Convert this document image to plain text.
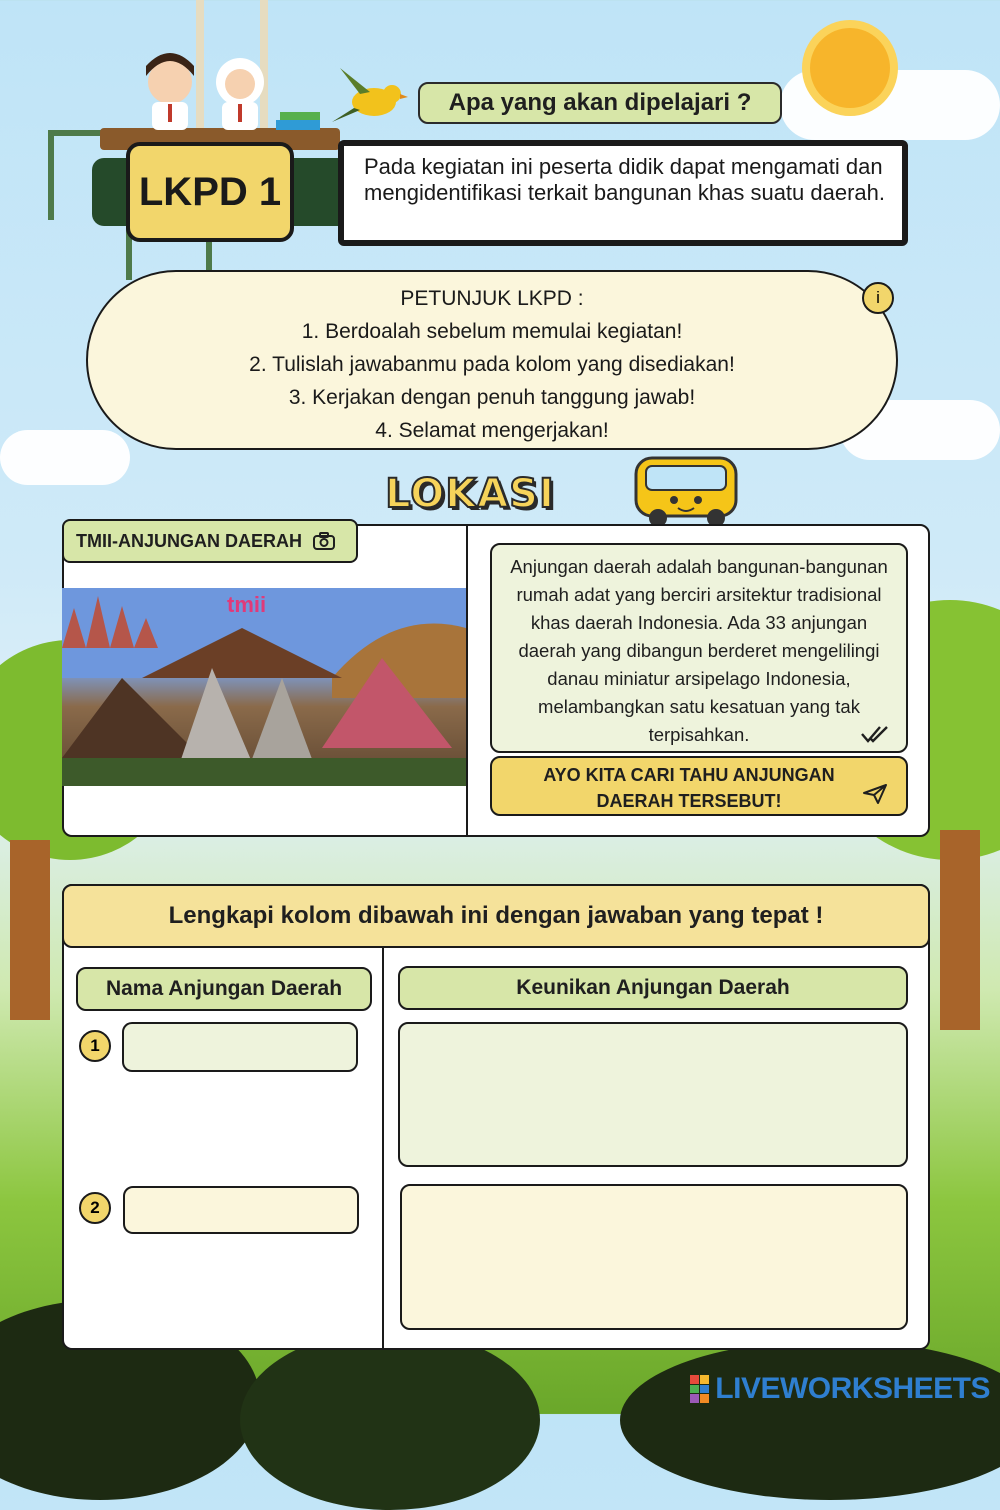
Apa yang akan dipelajari ?
LKPD 1
Pada kegiatan ini peserta didik dapat mengamati dan mengidentifikasi terkait bangunan khas suatu daerah.
PETUNJUK LKPD :
1. Berdoalah sebelum memulai kegiatan!
2. Tulislah jawabanmu pada kolom yang disediakan!
3. Kerjakan dengan penuh tanggung jawab!
4. Selamat mengerjakan!
i
LOKASI
TMII-ANJUNGAN DAERAH
tmii
Anjungan daerah adalah bangunan-bangunan rumah adat yang berciri arsitektur tradisional khas daerah Indonesia. Ada 33 anjungan daerah yang dibangun berderet mengelilingi danau miniatur arsipelago Indonesia, melambangkan satu kesatuan yang tak terpisahkan.
AYO KITA CARI TAHU ANJUNGAN DAERAH TERSEBUT!
Lengkapi kolom dibawah ini dengan jawaban yang tepat !
Nama Anjungan Daerah	Keunikan Anjungan Daerah
1
2
LIVEWORKSHEETS
